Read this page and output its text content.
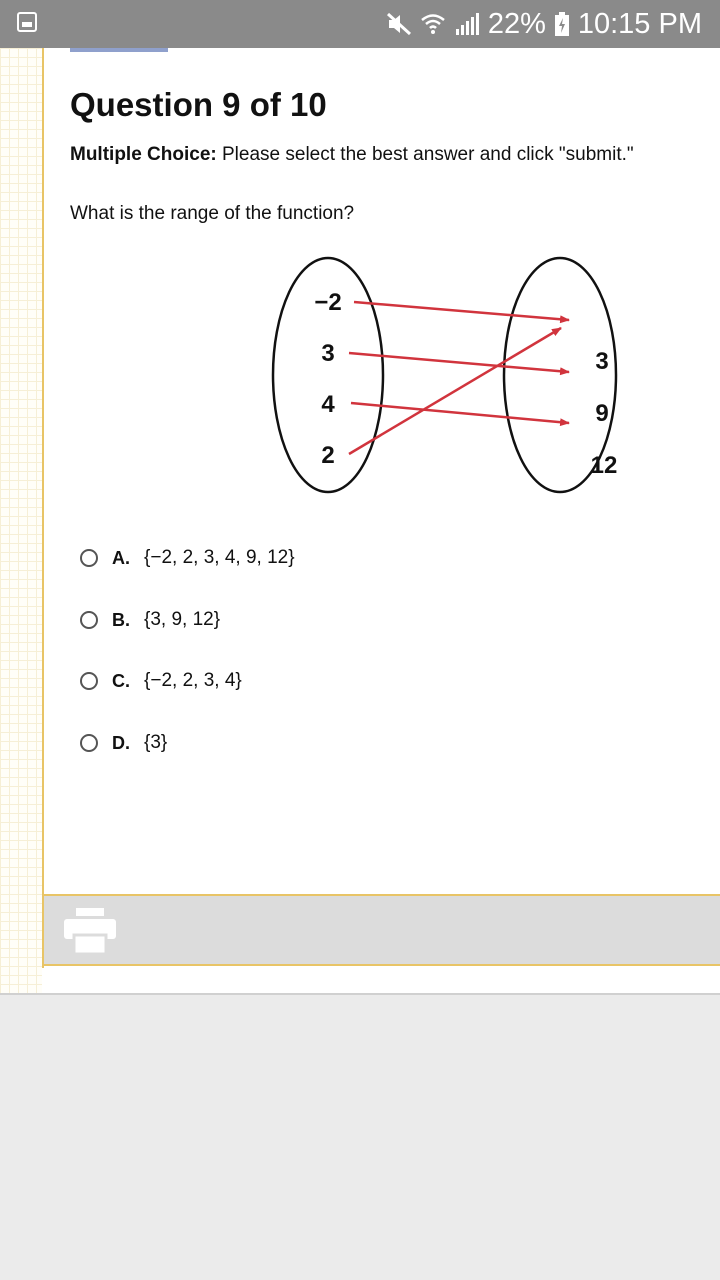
22% 10:15 PM
Question 9 of 10
Multiple Choice: Please select the best answer and click "submit."
What is the range of the function?
−2
3
4
2
3
9
12
A. {−2, 2, 3, 4, 9, 12}
B. {3, 9, 12}
C. {−2, 2, 3, 4}
D. {3}
